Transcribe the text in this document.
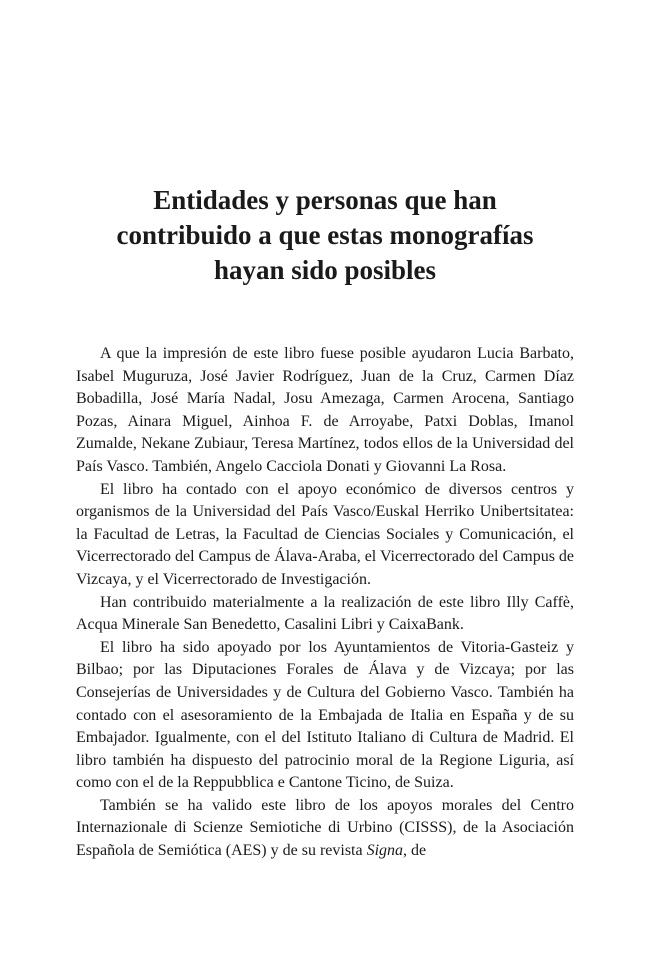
Entidades y personas que han
contribuido a que estas monografías
hayan sido posibles

A que la impresión de este libro fuese posible ayudaron Lucia Barbato, Isabel Muguruza, José Javier Rodríguez, Juan de la Cruz, Carmen Díaz Bobadilla, José María Nadal, Josu Amezaga, Carmen Arocena, Santiago Pozas, Ainara Miguel, Ainhoa F. de Arroyabe, Patxi Doblas, Imanol Zumalde, Nekane Zubiaur, Teresa Martínez, todos ellos de la Universidad del País Vasco. También, Angelo Cacciola Donati y Giovanni La Rosa.

El libro ha contado con el apoyo económico de diversos centros y organismos de la Universidad del País Vasco/Euskal Herriko Unibertsitatea: la Facultad de Letras, la Facultad de Ciencias Sociales y Comunicación, el Vicerrectorado del Campus de Álava-Araba, el Vicerrectorado del Campus de Vizcaya, y el Vicerrectorado de Investigación.

Han contribuido materialmente a la realización de este libro Illy Caffè, Acqua Minerale San Benedetto, Casalini Libri y CaixaBank.

El libro ha sido apoyado por los Ayuntamientos de Vitoria-Gasteiz y Bilbao; por las Diputaciones Forales de Álava y de Vizcaya; por las Consejerías de Universidades y de Cultura del Gobierno Vasco. También ha contado con el asesoramiento de la Embajada de Italia en España y de su Embajador. Igualmente, con el del Istituto Italiano di Cultura de Madrid. El libro también ha dispuesto del patrocinio moral de la Regione Liguria, así como con el de la Reppubblica e Cantone Ticino, de Suiza.

También se ha valido este libro de los apoyos morales del Centro Internazionale di Scienze Semiotiche di Urbino (CISSS), de la Asociación Española de Semiótica (AES) y de su revista Signa, de
